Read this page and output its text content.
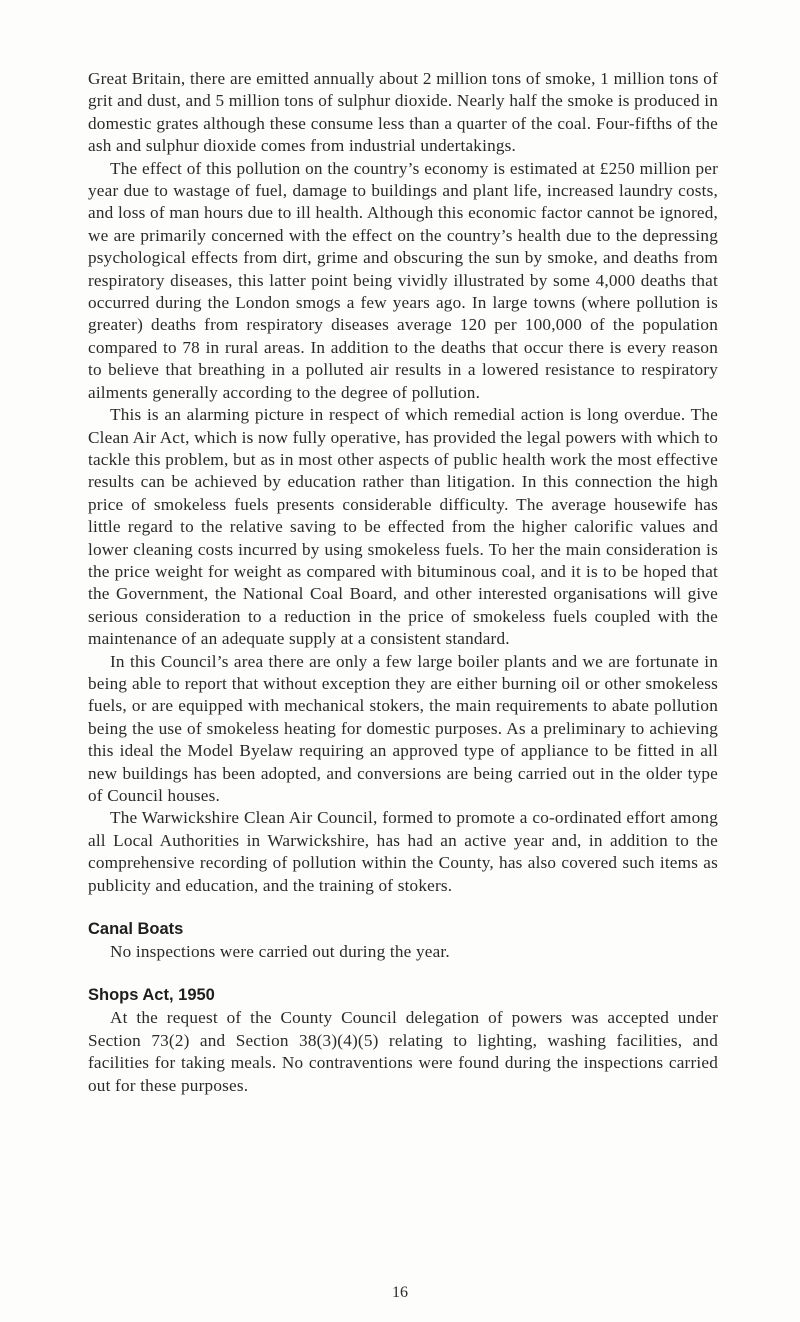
Great Britain, there are emitted annually about 2 million tons of smoke, 1 million tons of grit and dust, and 5 million tons of sulphur dioxide. Nearly half the smoke is produced in domestic grates although these consume less than a quarter of the coal. Four-fifths of the ash and sulphur dioxide comes from industrial undertakings.

The effect of this pollution on the country’s economy is estimated at £250 million per year due to wastage of fuel, damage to buildings and plant life, increased laundry costs, and loss of man hours due to ill health. Although this economic factor cannot be ignored, we are primarily concerned with the effect on the country’s health due to the depressing psychological effects from dirt, grime and obscuring the sun by smoke, and deaths from respiratory diseases, this latter point being vividly illustrated by some 4,000 deaths that occurred during the London smogs a few years ago. In large towns (where pollution is greater) deaths from respiratory diseases average 120 per 100,000 of the population compared to 78 in rural areas. In addition to the deaths that occur there is every reason to believe that breathing in a polluted air results in a lowered resistance to respiratory ailments generally according to the degree of pollution.

This is an alarming picture in respect of which remedial action is long overdue. The Clean Air Act, which is now fully operative, has provided the legal powers with which to tackle this problem, but as in most other aspects of public health work the most effective results can be achieved by education rather than litigation. In this connection the high price of smokeless fuels presents considerable difficulty. The average housewife has little regard to the relative saving to be effected from the higher calorific values and lower cleaning costs incurred by using smokeless fuels. To her the main consideration is the price weight for weight as compared with bituminous coal, and it is to be hoped that the Government, the National Coal Board, and other interested organisations will give serious consideration to a reduction in the price of smokeless fuels coupled with the maintenance of an adequate supply at a consistent standard.

In this Council’s area there are only a few large boiler plants and we are fortunate in being able to report that without exception they are either burning oil or other smokeless fuels, or are equipped with mechanical stokers, the main requirements to abate pollution being the use of smokeless heating for domestic purposes. As a preliminary to achieving this ideal the Model Byelaw requiring an approved type of appliance to be fitted in all new buildings has been adopted, and conversions are being carried out in the older type of Council houses.

The Warwickshire Clean Air Council, formed to promote a co-ordinated effort among all Local Authorities in Warwickshire, has had an active year and, in addition to the comprehensive recording of pollution within the County, has also covered such items as publicity and education, and the training of stokers.

Canal Boats

No inspections were carried out during the year.

Shops Act, 1950

At the request of the County Council delegation of powers was accepted under Section 73(2) and Section 38(3)(4)(5) relating to lighting, washing facilities, and facilities for taking meals. No contraventions were found during the inspections carried out for these purposes.

16
